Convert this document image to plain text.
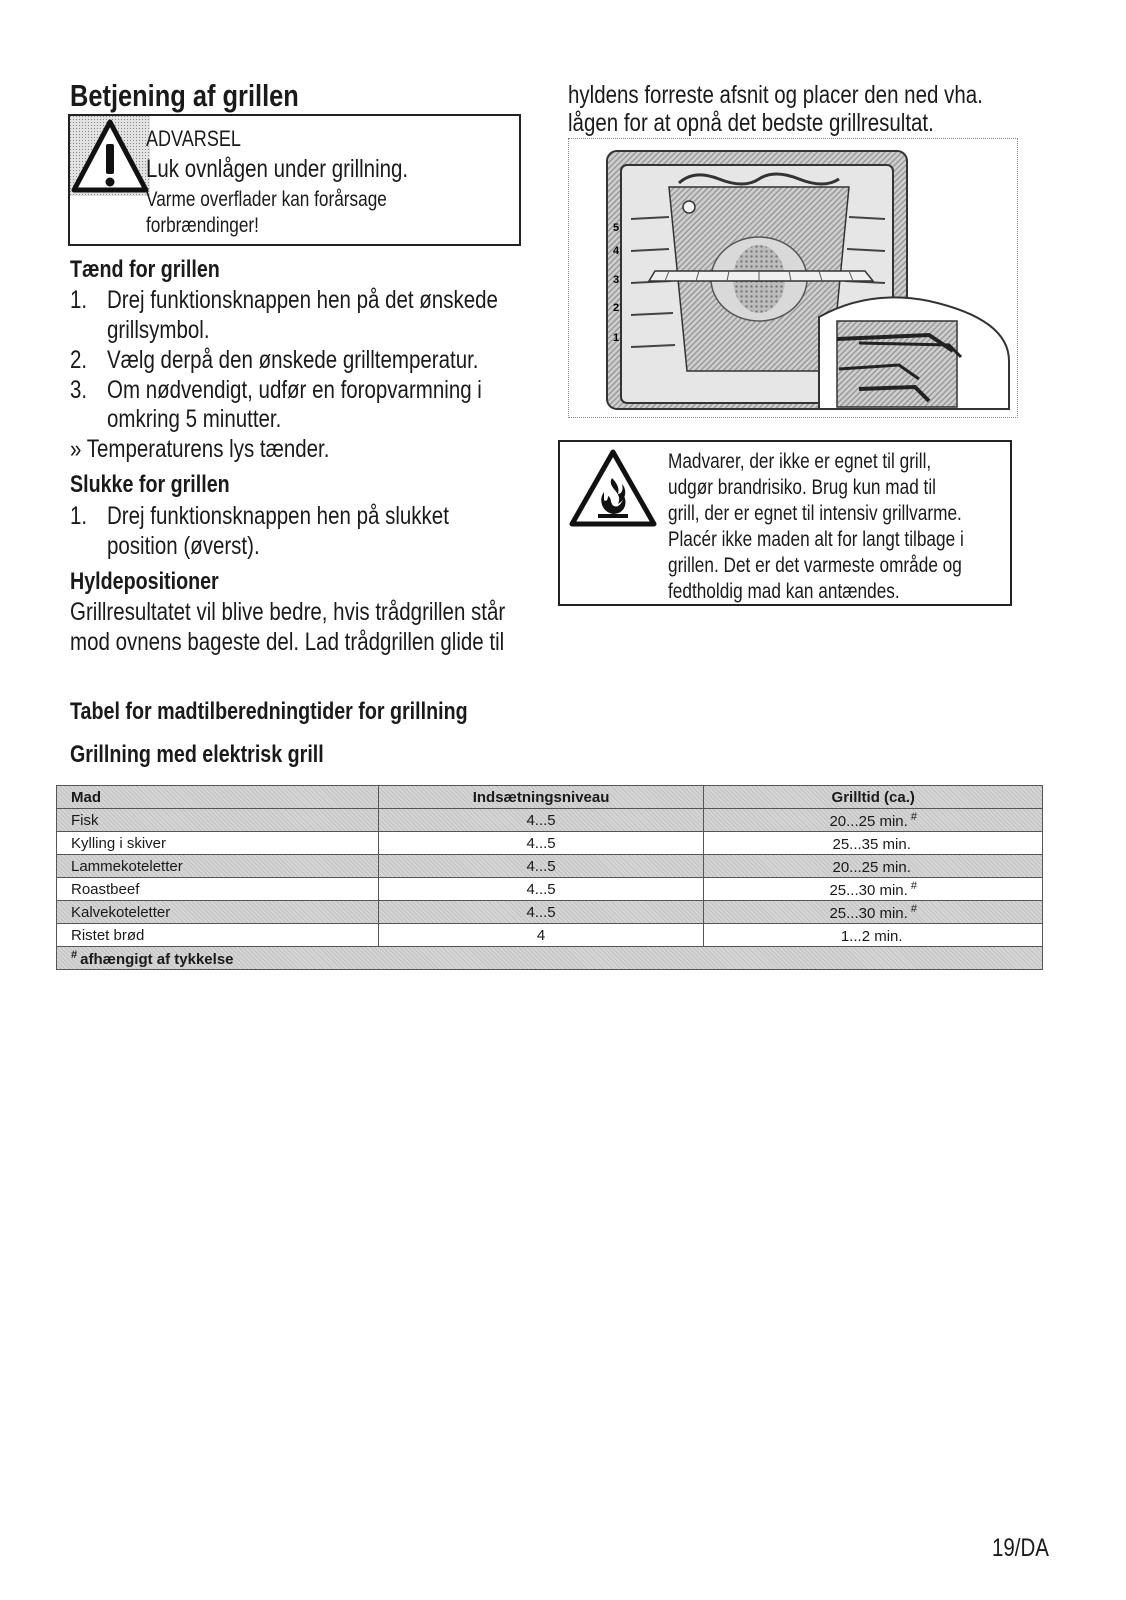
Betjening af grillen
ADVARSEL
Luk ovnlågen under grillning.
Varme overflader kan forårsage
forbrændinger!
Tænd for grillen
1. Drej funktionsknappen hen på det ønskede
grillsymbol.
2. Vælg derpå den ønskede grilltemperatur.
3. Om nødvendigt, udfør en foropvarmning i
omkring 5 minutter.
» Temperaturens lys tænder.
Slukke for grillen
1. Drej funktionsknappen hen på slukket
position (øverst).
Hyldepositioner
Grillresultatet vil blive bedre, hvis trådgrillen står
mod ovnens bageste del. Lad trådgrillen glide til
hyldens forreste afsnit og placer den ned vha.
lågen for at opnå det bedste grillresultat.
5
4
3
2
1
Madvarer, der ikke er egnet til grill,
udgør brandrisiko. Brug kun mad til
grill, der er egnet til intensiv grillvarme.
Placér ikke maden alt for langt tilbage i
grillen. Det er det varmeste område og
fedtholdig mad kan antændes.
Tabel for madtilberedningtider for grillning
Grillning med elektrisk grill
Mad	Indsætningsniveau	Grilltid (ca.)
Fisk	4...5	20...25 min. #
Kylling i skiver	4...5	25...35 min.
Lammekoteletter	4...5	20...25 min.
Roastbeef	4...5	25...30 min. #
Kalvekoteletter	4...5	25...30 min. #
Ristet brød	4	1...2 min.
# afhængigt af tykkelse		
19/DA
